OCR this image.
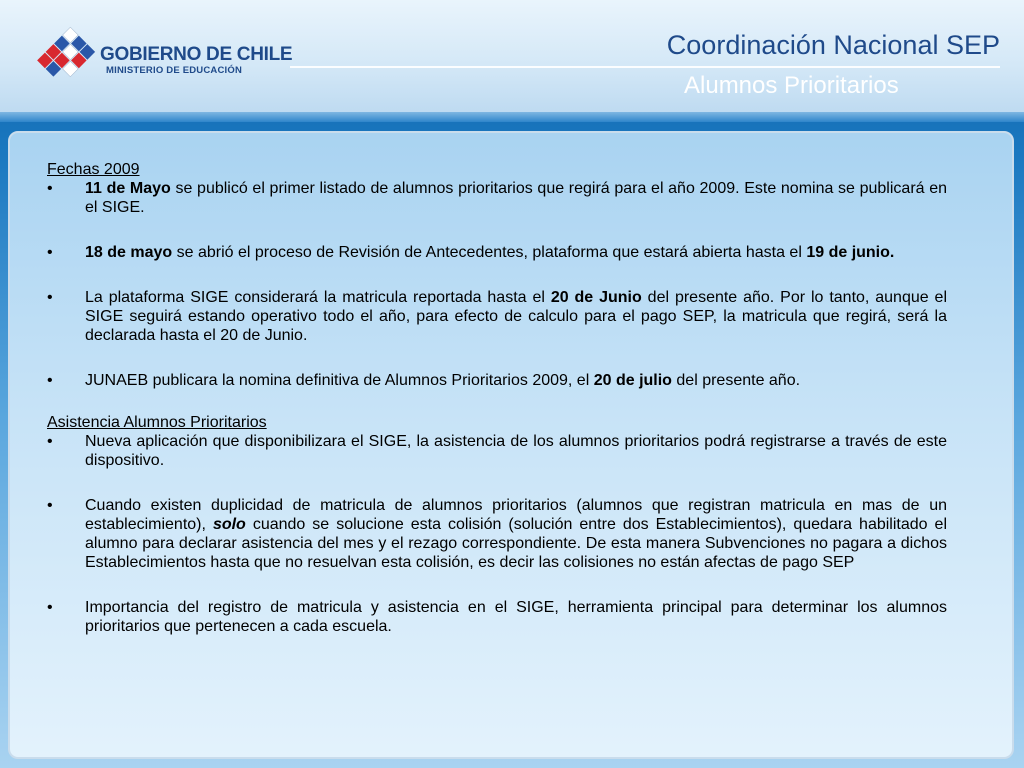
GOBIERNO DE CHILE
MINISTERIO DE EDUCACIÓN
Coordinación Nacional SEP
Alumnos Prioritarios

Fechas 2009

• 11 de Mayo se publicó el primer listado de alumnos prioritarios que regirá para el año 2009. Este nomina se publicará en el SIGE.

• 18 de mayo se abrió el proceso de Revisión de Antecedentes, plataforma que estará abierta hasta el 19 de junio.

• La plataforma SIGE considerará la matricula reportada hasta el 20 de Junio del presente año. Por lo tanto, aunque el SIGE seguirá estando operativo todo el año, para efecto de calculo para el pago SEP, la matricula que regirá, será la declarada hasta el 20 de Junio.

• JUNAEB publicara la nomina definitiva de Alumnos Prioritarios 2009, el 20 de julio del presente año.

Asistencia Alumnos Prioritarios

• Nueva aplicación que disponibilizara el SIGE, la asistencia de los alumnos prioritarios podrá registrarse a través de este dispositivo.

• Cuando existen duplicidad de matricula de alumnos prioritarios (alumnos que registran matricula en mas de un establecimiento), solo cuando se solucione esta colisión (solución entre dos Establecimientos), quedara habilitado el alumno para declarar asistencia del mes y el rezago correspondiente. De esta manera Subvenciones no pagara a dichos Establecimientos hasta que no resuelvan esta colisión, es decir las colisiones no están afectas de pago SEP

• Importancia del registro de matricula y asistencia en el SIGE, herramienta principal para determinar los alumnos prioritarios que pertenecen a cada escuela.
